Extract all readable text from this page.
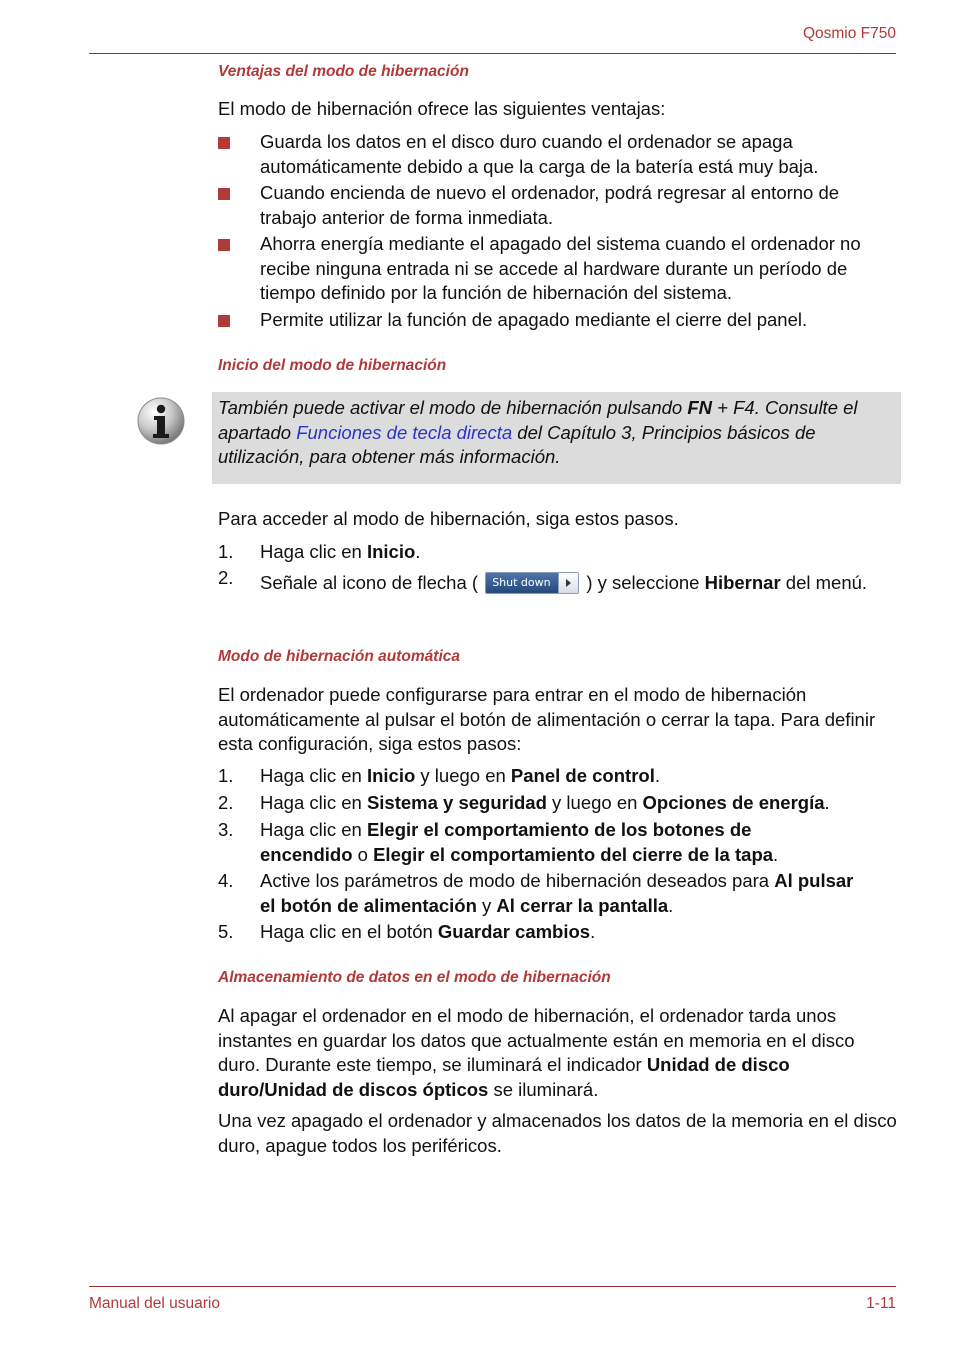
Qosmio F750
Ventajas del modo de hibernación
El modo de hibernación ofrece las siguientes ventajas:
Guarda los datos en el disco duro cuando el ordenador se apaga automáticamente debido a que la carga de la batería está muy baja.
Cuando encienda de nuevo el ordenador, podrá regresar al entorno de trabajo anterior de forma inmediata.
Ahorra energía mediante el apagado del sistema cuando el ordenador no recibe ninguna entrada ni se accede al hardware durante un período de tiempo definido por la función de hibernación del sistema.
Permite utilizar la función de apagado mediante el cierre del panel.
Inicio del modo de hibernación
También puede activar el modo de hibernación pulsando FN + F4. Consulte el apartado Funciones de tecla directa del Capítulo 3, Principios básicos de utilización, para obtener más información.
Para acceder al modo de hibernación, siga estos pasos.
1. Haga clic en Inicio.
2. Señale al icono de flecha ( Shut down ) y seleccione Hibernar del menú.
Modo de hibernación automática
El ordenador puede configurarse para entrar en el modo de hibernación automáticamente al pulsar el botón de alimentación o cerrar la tapa. Para definir esta configuración, siga estos pasos:
1. Haga clic en Inicio y luego en Panel de control.
2. Haga clic en Sistema y seguridad y luego en Opciones de energía.
3. Haga clic en Elegir el comportamiento de los botones de encendido o Elegir el comportamiento del cierre de la tapa.
4. Active los parámetros de modo de hibernación deseados para Al pulsar el botón de alimentación y Al cerrar la pantalla.
5. Haga clic en el botón Guardar cambios.
Almacenamiento de datos en el modo de hibernación
Al apagar el ordenador en el modo de hibernación, el ordenador tarda unos instantes en guardar los datos que actualmente están en memoria en el disco duro. Durante este tiempo, se iluminará el indicador Unidad de disco duro/Unidad de discos ópticos se iluminará.
Una vez apagado el ordenador y almacenados los datos de la memoria en el disco duro, apague todos los periféricos.
Manual del usuario	1-11
